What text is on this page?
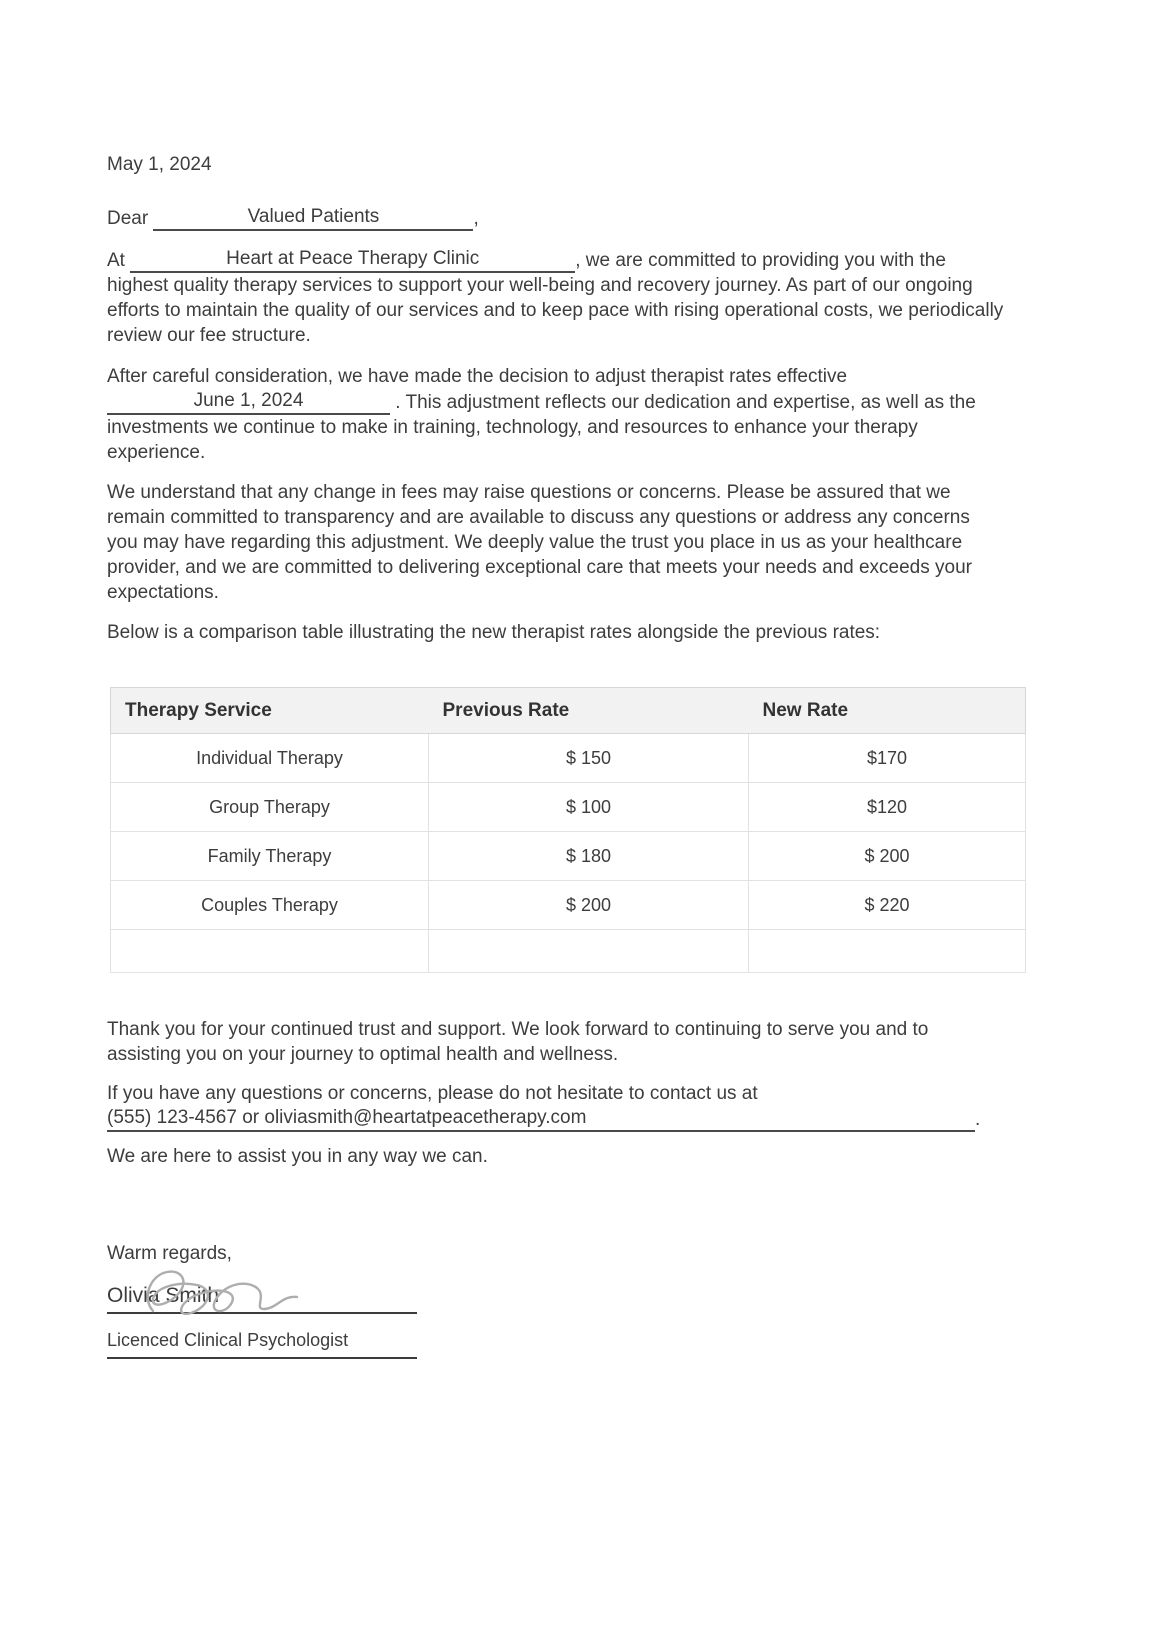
May 1, 2024

Dear	Valued Patients	,

At	Heart at Peace Therapy Clinic	, we are committed to providing you with the highest quality therapy services to support your well-being and recovery journey. As part of our ongoing efforts to maintain the quality of our services and to keep pace with rising operational costs, we periodically review our fee structure.

After careful consideration, we have made the decision to adjust therapist rates effective June 1, 2024	. This adjustment reflects our dedication and expertise, as well as the investments we continue to make in training, technology, and resources to enhance your therapy experience.

We understand that any change in fees may raise questions or concerns. Please be assured that we remain committed to transparency and are available to discuss any questions or address any concerns you may have regarding this adjustment. We deeply value the trust you place in us as your healthcare provider, and we are committed to delivering exceptional care that meets your needs and exceeds your expectations.

Below is a comparison table illustrating the new therapist rates alongside the previous rates:

Therapy Service	Previous Rate	New Rate
Individual Therapy	$ 150	$170
Group Therapy	$ 100	$120
Family Therapy	$ 180	$ 200
Couples Therapy	$ 200	$ 220

Thank you for your continued trust and support. We look forward to continuing to serve you and to assisting you on your journey to optimal health and wellness.

If you have any questions or concerns, please do not hesitate to contact us at
(555) 123-4567 or oliviasmith@heartatpeacetherapy.com	.

We are here to assist you in any way we can.

Warm regards,

Olivia Smith
Licenced Clinical Psychologist
